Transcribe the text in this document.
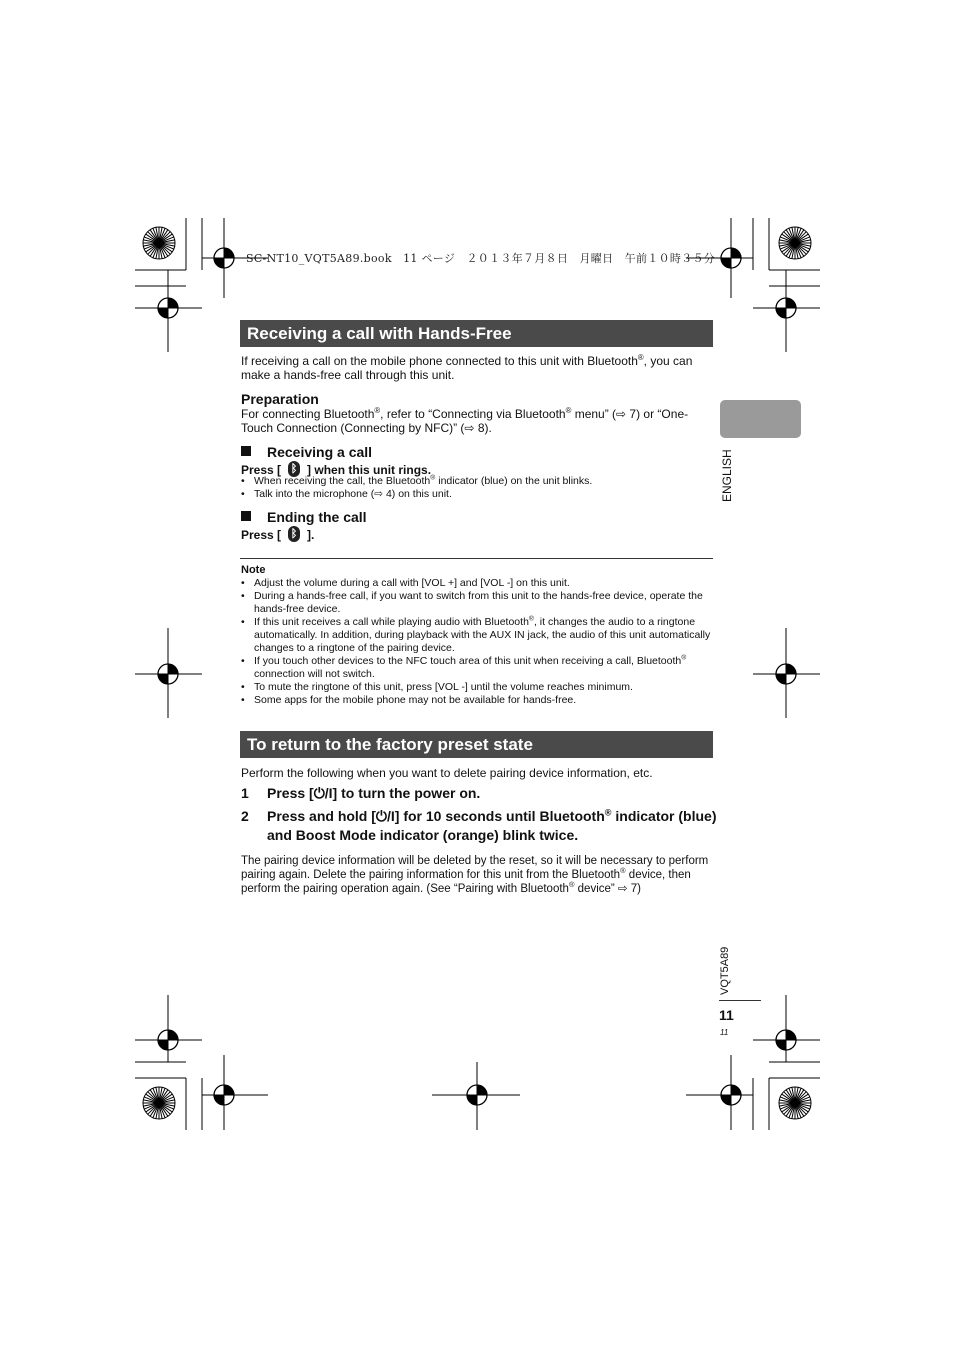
SC-NT10_VQT5A89.book　11 ページ　２０１３年７月８日　月曜日　午前１０時３５分
Receiving a call with Hands-Free
If receiving a call on the mobile phone connected to this unit with Bluetooth®, you can make a hands-free call through this unit.
Preparation
For connecting Bluetooth®, refer to “Connecting via Bluetooth® menu” (⇨ 7) or “One-Touch Connection (Connecting by NFC)” (⇨ 8).
Receiving a call
Press [ ᛒ ] when this unit rings.
• When receiving the call, the Bluetooth® indicator (blue) on the unit blinks.
• Talk into the microphone (⇨ 4) on this unit.
Ending the call
Press [ ᛒ ].
Note
• Adjust the volume during a call with [VOL +] and [VOL -] on this unit.
• During a hands-free call, if you want to switch from this unit to the hands-free device, operate the hands-free device.
• If this unit receives a call while playing audio with Bluetooth®, it changes the audio to a ringtone automatically. In addition, during playback with the AUX IN jack, the audio of this unit automatically changes to a ringtone of the pairing device.
• If you touch other devices to the NFC touch area of this unit when receiving a call, Bluetooth® connection will not switch.
• To mute the ringtone of this unit, press [VOL -] until the volume reaches minimum.
• Some apps for the mobile phone may not be available for hands-free.
To return to the factory preset state
Perform the following when you want to delete pairing device information, etc.
1	Press [⏻/I] to turn the power on.
2	Press and hold [⏻/I] for 10 seconds until Bluetooth® indicator (blue) and Boost Mode indicator (orange) blink twice.
The pairing device information will be deleted by the reset, so it will be necessary to perform pairing again. Delete the pairing information for this unit from the Bluetooth® device, then perform the pairing operation again. (See “Pairing with Bluetooth® device” ⇨ 7)
ENGLISH
VQT5A89
11
11
